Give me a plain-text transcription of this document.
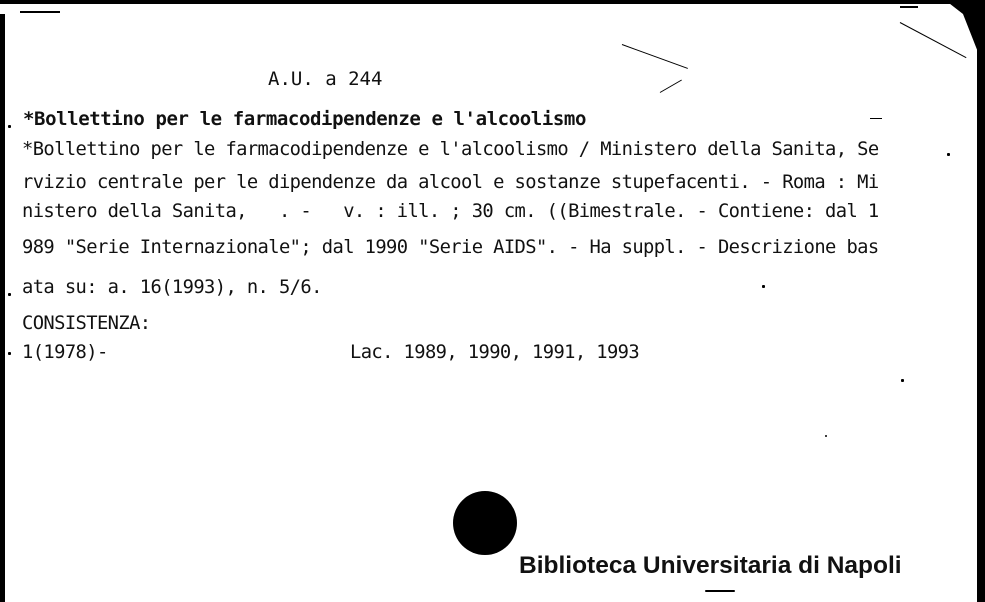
A.U. a 244
*Bollettino per le farmacodipendenze e l'alcoolismo
*Bollettino per le farmacodipendenze e l'alcoolismo / Ministero della Sanita, Se
rvizio centrale per le dipendenze da alcool e sostanze stupefacenti. - Roma : Mi
nistero della Sanita,   . -   v. : ill. ; 30 cm. ((Bimestrale. - Contiene: dal 1
989 "Serie Internazionale"; dal 1990 "Serie AIDS". - Ha suppl. - Descrizione bas
ata su: a. 16(1993), n. 5/6.
CONSISTENZA:
1(1978)-	Lac. 1989, 1990, 1991, 1993
Biblioteca Universitaria di Napoli
